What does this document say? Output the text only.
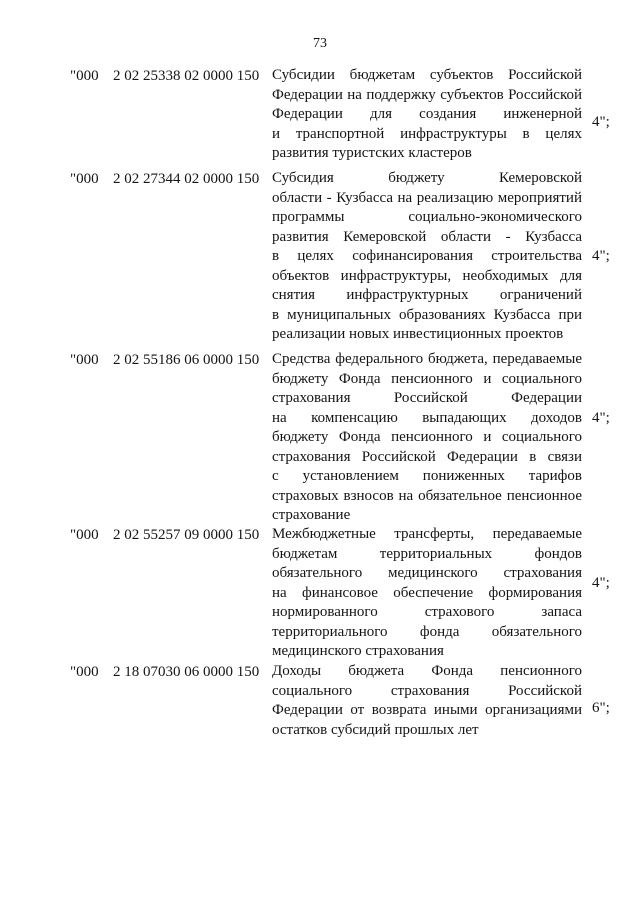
73
"000 2 02 25338 02 0000 150 Субсидии бюджетам субъектов Российской
Федерации на поддержку субъектов Российской
Федерации для создания инженерной
и транспортной инфраструктуры в целях
развития туристских кластеров
4";
"000 2 02 27344 02 0000 150 Субсидия бюджету Кемеровской
области - Кузбасса на реализацию мероприятий
программы социально-экономического
развития Кемеровской области - Кузбасса
в целях софинансирования строительства
объектов инфраструктуры, необходимых для
снятия инфраструктурных ограничений
в муниципальных образованиях Кузбасса при
реализации новых инвестиционных проектов
4";
"000 2 02 55186 06 0000 150 Средства федерального бюджета, передаваемые
бюджету Фонда пенсионного и социального
страхования Российской Федерации
на компенсацию выпадающих доходов
бюджету Фонда пенсионного и социального
страхования Российской Федерации в связи
с установлением пониженных тарифов
страховых взносов на обязательное пенсионное
страхование
4";
"000 2 02 55257 09 0000 150 Межбюджетные трансферты, передаваемые
бюджетам территориальных фондов
обязательного медицинского страхования
на финансовое обеспечение формирования
нормированного страхового запаса
территориального фонда обязательного
медицинского страхования
4";
"000 2 18 07030 06 0000 150 Доходы бюджета Фонда пенсионного
социального страхования Российской
Федерации от возврата иными организациями
остатков субсидий прошлых лет
6";
